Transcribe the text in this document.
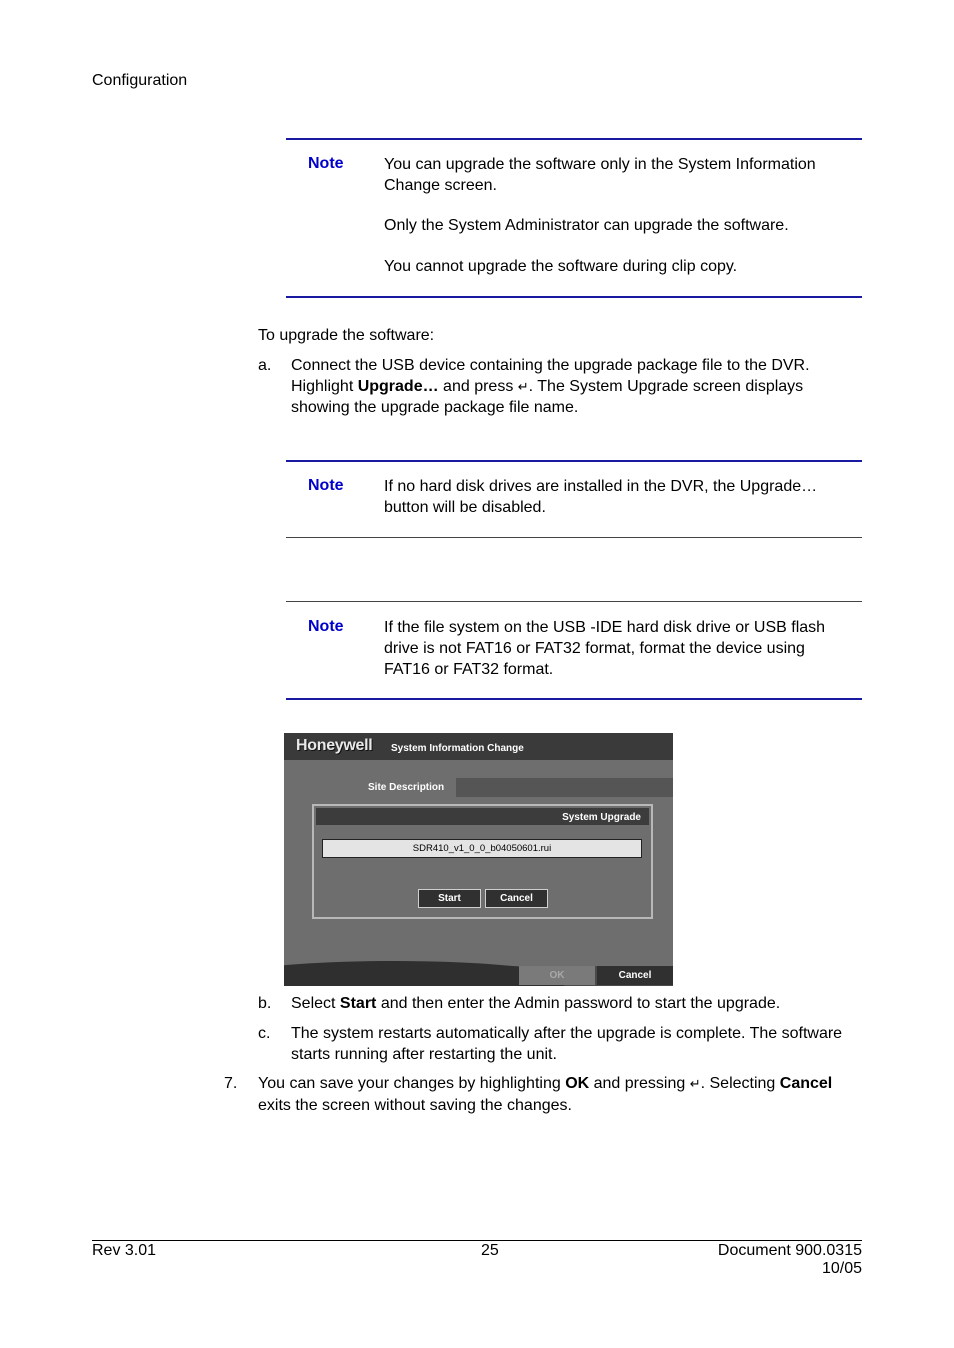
Configuration
Note	You can upgrade the software only in the System Information Change screen.
Only the System Administrator can upgrade the software.
You cannot upgrade the software during clip copy.
To upgrade the software:
a. Connect the USB device containing the upgrade package file to the DVR. Highlight Upgrade… and press ↵. The System Upgrade screen displays showing the upgrade package file name.
Note	If no hard disk drives are installed in the DVR, the Upgrade… button will be disabled.
Note	If the file system on the USB -IDE hard disk drive or USB flash drive is not FAT16 or FAT32 format, format the device using FAT16 or FAT32 format.
Honeywell System Information Change
Site Description
System Upgrade
SDR410_v1_0_0_b04050601.rui
Start	Cancel
OK	Cancel
b. Select Start and then enter the Admin password to start the upgrade.
c. The system restarts automatically after the upgrade is complete. The software starts running after restarting the unit.
7. You can save your changes by highlighting OK and pressing ↵. Selecting Cancel exits the screen without saving the changes.
Rev 3.01	25	Document 900.0315
10/05
